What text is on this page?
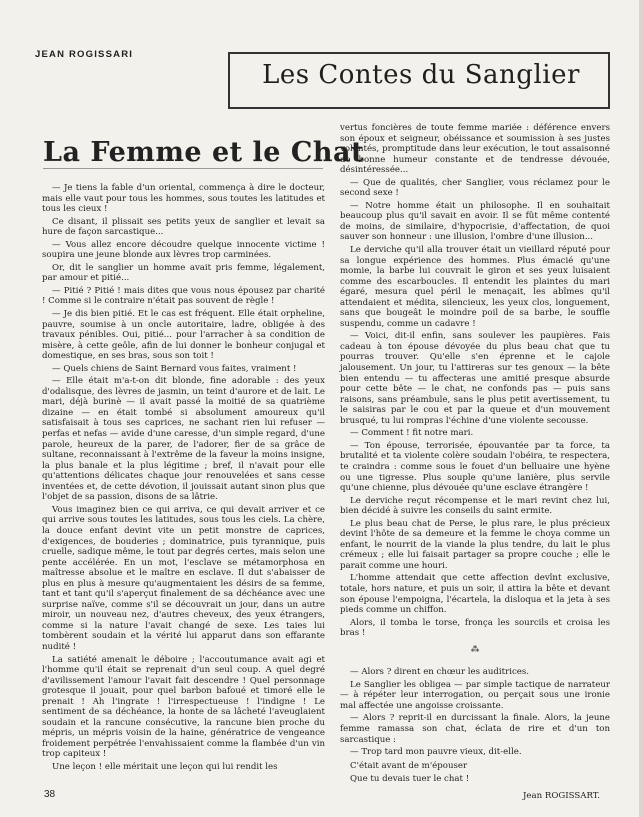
JEAN ROGISSARI
Les Contes du Sanglier
La Femme et le Chat

— Je tiens la fable d'un oriental, commença à dire le docteur, mais elle vaut pour tous les hommes, sous toutes les latitudes et tous les cieux !

Ce disant, il plissait ses petits yeux de sanglier et levait sa hure de façon sarcastique...

— Vous allez encore découdre quelque innocente victime ! soupira une jeune blonde aux lèvres trop carminées.

Or, dit le sanglier un homme avait pris femme, légalement, par amour et pitié...

— Pitié ? Pitié ! mais dites que vous nous épousez par charité ! Comme si le contraire n'était pas souvent de règle !

— Je dis bien pitié. Et le cas est fréquent. Elle était orpheline, pauvre, soumise à un oncle autoritaire, ladre, obligée à des travaux pénibles. Oui, pitié... pour l'arracher à sa condition de misère, à cette geôle, afin de lui donner le bonheur conjugal et domestique, en ses bras, sous son toit !

— Quels chiens de Saint Bernard vous faites, vraiment !

— Elle était m'a-t-on dit blonde, fine adorable : des yeux d'odalisque, des lèvres de jasmin, un teint d'aurore et de lait. Le mari, déjà burinè — il avait passé la moitié de sa quatrième dizaine — en était tombé si absolument amoureux qu'il satisfaisait à tous ses caprices, ne sachant rien lui refuser — perfas et nefas — avide d'une caresse, d'un simple regard, d'une parole, heureux de la parer, de l'adorer, fier de sa grâce de sultane, reconnaissant à l'extrême de la faveur la moins insigne, la plus banale et la plus légitime ; bref, il n'avait pour elle qu'attentions délicates chaque jour renouvelées et sans cesse inventées et, de cette dévotion, il jouissait autant sinon plus que l'objet de sa passion, disons de sa lâtrie.

Vous imaginez bien ce qui arriva, ce qui devait arriver et ce qui arrive sous toutes les latitudes, sous tous les ciels. La chère, la douce enfant devint vite un petit monstre de caprices, d'exigences, de bouderies ; dominatrice, puis tyrannique, puis cruelle, sadique même, le tout par degrés certes, mais selon une pente accélérée. En un mot, l'esclave se métamorphosa en maîtresse absolue et le maître en esclave. Il dut s'abaisser de plus en plus à mesure qu'augmentaient les désirs de sa femme, tant et tant qu'il s'aperçut finalement de sa déchéance avec une surprise naïve, comme s'il se découvrait un jour, dans un autre miroir, un nouveau nez, d'autres cheveux, des yeux étrangers, comme si la nature l'avait changé de sexe. Les taies lui tombèrent soudain et la vérité lui apparut dans son effarante nudité !

La satiété amenait le déboire ; l'accoutumance avait agi et l'homme qu'il était se reprenait d'un seul coup. A quel degré d'avilissement l'amour l'avait fait descendre ! Quel personnage grotesque il jouait, pour quel barbon bafoué et timoré elle le prenait ! Ah l'ingrate ! l'irrespectueuse ! l'indigne ! Le sentiment de sa déchéance, la honte de sa lâcheté l'aveuglaient soudain et la rancune consécutive, la rancune bien proche du mépris, un mépris voisin de la haine, génératrice de vengeance froidement perpétrée l'envahissaient comme la flambée d'un vin trop capiteux !

Une leçon ! elle méritait une leçon qui lui rendit les

vertus foncières de toute femme mariée : déférence envers son époux et seigneur, obéissance et soumission à ses justes volontés, promptitude dans leur exécution, le tout assaisonné de bonne humeur constante et de tendresse dévouée, désintéressée...

— Que de qualités, cher Sanglier, vous réclamez pour le second sexe !

— Notre homme était un philosophe. Il en souhaitait beaucoup plus qu'il savait en avoir. Il se fût même contenté de moins, de similaire, d'hypocrisie, d'affectation, de quoi sauver son honneur : une illusion, l'ombre d'une illusion...

Le derviche qu'il alla trouver était un vieillard réputé pour sa longue expérience des hommes. Plus émacié qu'une momie, la barbe lui couvrait le giron et ses yeux luisaient comme des escarboucles. Il entendit les plaintes du mari égaré, mesura quel péril le menaçait, les abîmes qu'il attendaient et médita, silencieux, les yeux clos, longuement, sans que bougeât le moindre poil de sa barbe, le souffle suspendu, comme un cadavre !

— Voici, dit-il enfin, sans soulever les paupières. Fais cadeau à ton épouse dévoyée du plus beau chat que tu pourras trouver. Qu'elle s'en éprenne et le cajole jalousement. Un jour, tu l'attireras sur tes genoux — la bête bien entendu — tu affecteras une amitié presque absurde pour cette bête — le chat, ne confonds pas — puis sans raisons, sans préambule, sans le plus petit avertissement, tu le saisiras par le cou et par la queue et d'un mouvement brusqué, tu lui rompras l'échine d'une violente secousse.

— Comment ! fit notre mari.

— Ton épouse, terrorisée, épouvantée par ta force, ta brutalité et ta violente colère soudain l'obéira, te respectera, te craindra : comme sous le fouet d'un belluaire une hyène ou une tigresse. Plus souple qu'une lanière, plus servile qu'une chienne, plus dévouée qu'une esclave étrangère !

Le derviche reçut récompense et le mari revint chez lui, bien décidé à suivre les conseils du saint ermite.

Le plus beau chat de Perse, le plus rare, le plus précieux devint l'hôte de sa demeure et la femme le choya comme un enfant, le nourrit de la viande la plus tendre, du lait le plus crémeux ; elle lui faisait partager sa propre couche ; elle le parait comme une houri.

L'homme attendait que cette affection devînt exclusive, totale, hors nature, et puis un soir, il attira la bête et devant son épouse l'empoigna, l'écartela, la disloqua et la jeta à ses pieds comme un chiffon.

Alors, il tomba le torse, fronça les sourcils et croisa les bras !

⁂

— Alors ? dirent en chœur les auditrices.

Le Sanglier les obligea — par simple tactique de narrateur — à répéter leur interrogation, ou perçait sous une ironie mal affectée une angoisse croissante.

— Alors ? reprit-il en durcissant la finale. Alors, la jeune femme ramassa son chat, éclata de rire et d'un ton sarcastique :

— Trop tard mon pauvre vieux, dit-elle.

C'était avant de m'épouser

Que tu devais tuer le chat !

Jean ROGISSART.

38
